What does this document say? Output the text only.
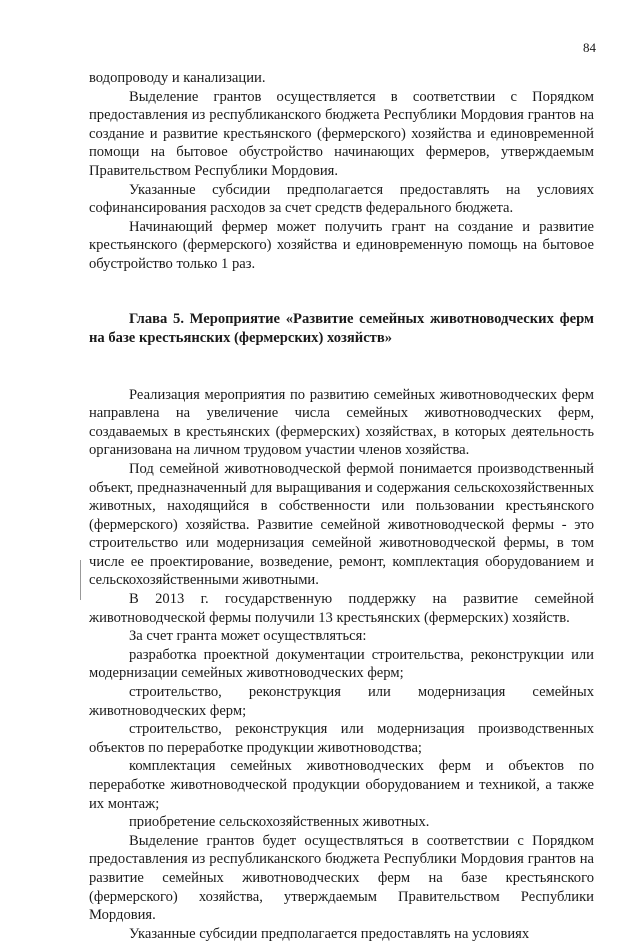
84

водопроводу и канализации.

Выделение грантов осуществляется в соответствии с Порядком предоставления из республиканского бюджета Республики Мордовия грантов на создание и развитие крестьянского (фермерского) хозяйства и единовременной помощи на бытовое обустройство начинающих фермеров, утверждаемым Правительством Республики Мордовия.

Указанные субсидии предполагается предоставлять на условиях софинансирования расходов за счет средств федерального бюджета.

Начинающий фермер может получить грант на создание и развитие крестьянского (фермерского) хозяйства и единовременную помощь на бытовое обустройство только 1 раз.

Глава 5. Мероприятие «Развитие семейных животноводческих ферм на базе крестьянских (фермерских) хозяйств»

Реализация мероприятия по развитию семейных животноводческих ферм направлена на увеличение числа семейных животноводческих ферм, создаваемых в крестьянских (фермерских) хозяйствах, в которых деятельность организована на личном трудовом участии членов хозяйства.

Под семейной животноводческой фермой понимается производственный объект, предназначенный для выращивания и содержания сельскохозяйственных животных, находящийся в собственности или пользовании крестьянского (фермерского) хозяйства. Развитие семейной животноводческой фермы - это строительство или модернизация семейной животноводческой фермы, в том числе ее проектирование, возведение, ремонт, комплектация оборудованием и сельскохозяйственными животными.

В 2013 г. государственную поддержку на развитие семейной животноводческой фермы получили 13 крестьянских (фермерских) хозяйств.

За счет гранта может осуществляться:

разработка проектной документации строительства, реконструкции или модернизации семейных животноводческих ферм;

строительство, реконструкция или модернизация семейных животноводческих ферм;

строительство, реконструкция или модернизация производственных объектов по переработке продукции животноводства;

комплектация семейных животноводческих ферм и объектов по переработке животноводческой продукции оборудованием и техникой, а также их монтаж;

приобретение сельскохозяйственных животных.

Выделение грантов будет осуществляться в соответствии с Порядком предоставления из республиканского бюджета Республики Мордовия грантов на развитие семейных животноводческих ферм на базе крестьянского (фермерского) хозяйства, утверждаемым Правительством Республики Мордовия.

Указанные субсидии предполагается предоставлять на условиях
